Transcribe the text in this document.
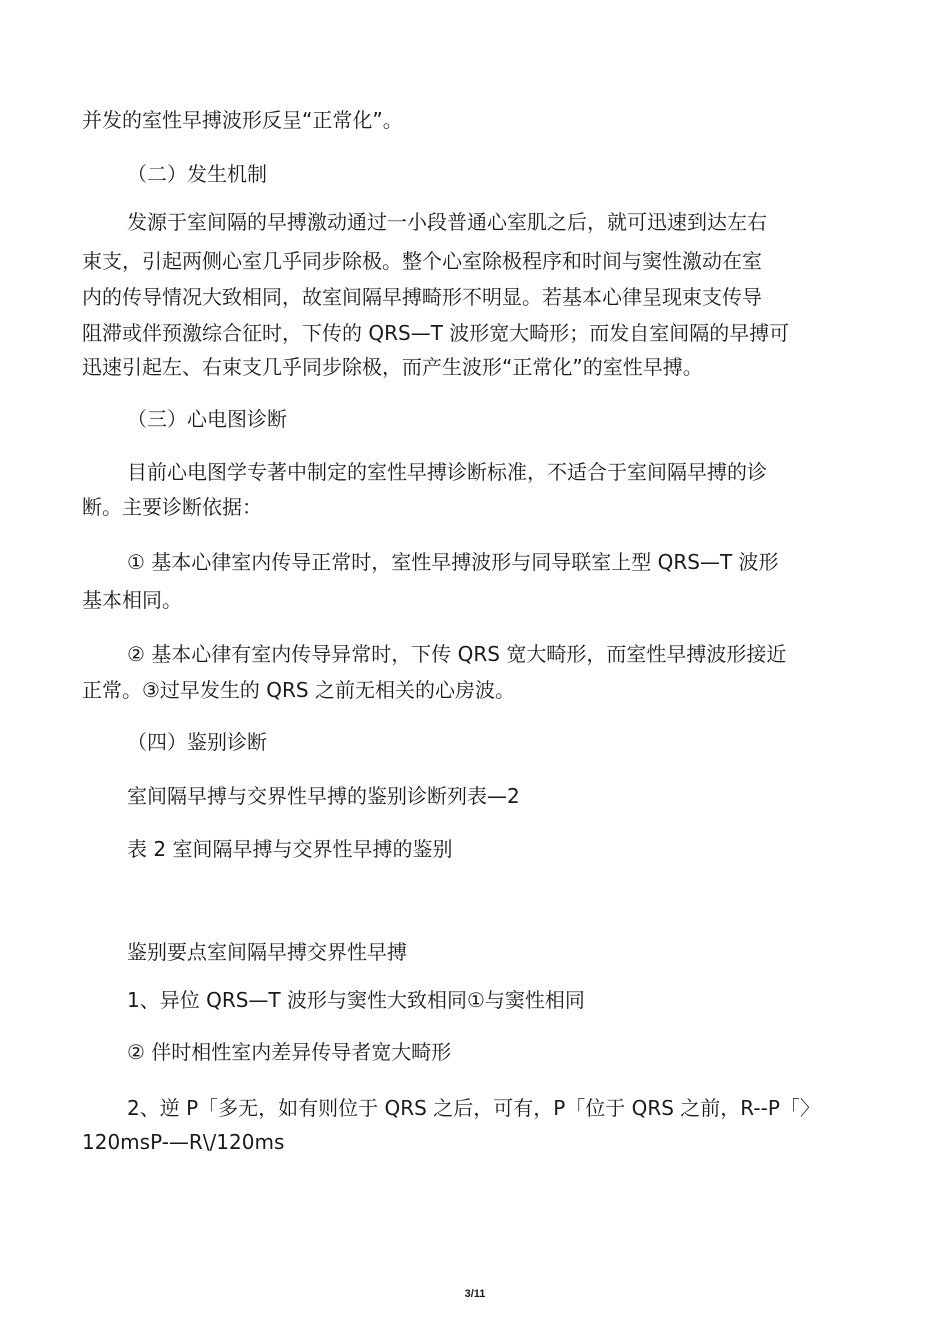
并发的室性早搏波形反呈“正常化”。
（二）发生机制
发源于室间隔的早搏激动通过一小段普通心室肌之后，就可迅速到达左右
束支，引起两侧心室几乎同步除极。整个心室除极程序和时间与窦性激动在室
内的传导情况大致相同，故室间隔早搏畸形不明显。若基本心律呈现束支传导
阻滞或伴预激综合征时，下传的 QRS—T 波形宽大畸形；而发自室间隔的早搏可
迅速引起左、右束支几乎同步除极，而产生波形“正常化”的室性早搏。
（三）心电图诊断
目前心电图学专著中制定的室性早搏诊断标准，不适合于室间隔早搏的诊
断。主要诊断依据：
① 基本心律室内传导正常时，室性早搏波形与同导联室上型 QRS—T 波形
基本相同。
② 基本心律有室内传导异常时，下传 QRS 宽大畸形，而室性早搏波形接近
正常。③过早发生的 QRS 之前无相关的心房波。
（四）鉴别诊断
室间隔早搏与交界性早搏的鉴别诊断列表—2
表 2 室间隔早搏与交界性早搏的鉴别
鉴别要点室间隔早搏交界性早搏
1、异位 QRS—T 波形与窦性大致相同①与窦性相同
② 伴时相性室内差异传导者宽大畸形
2、逆 P「多无，如有则位于 QRS 之后，可有，P「位于 QRS 之前，R--P「〉
120msP-—R\/120ms
3/11
